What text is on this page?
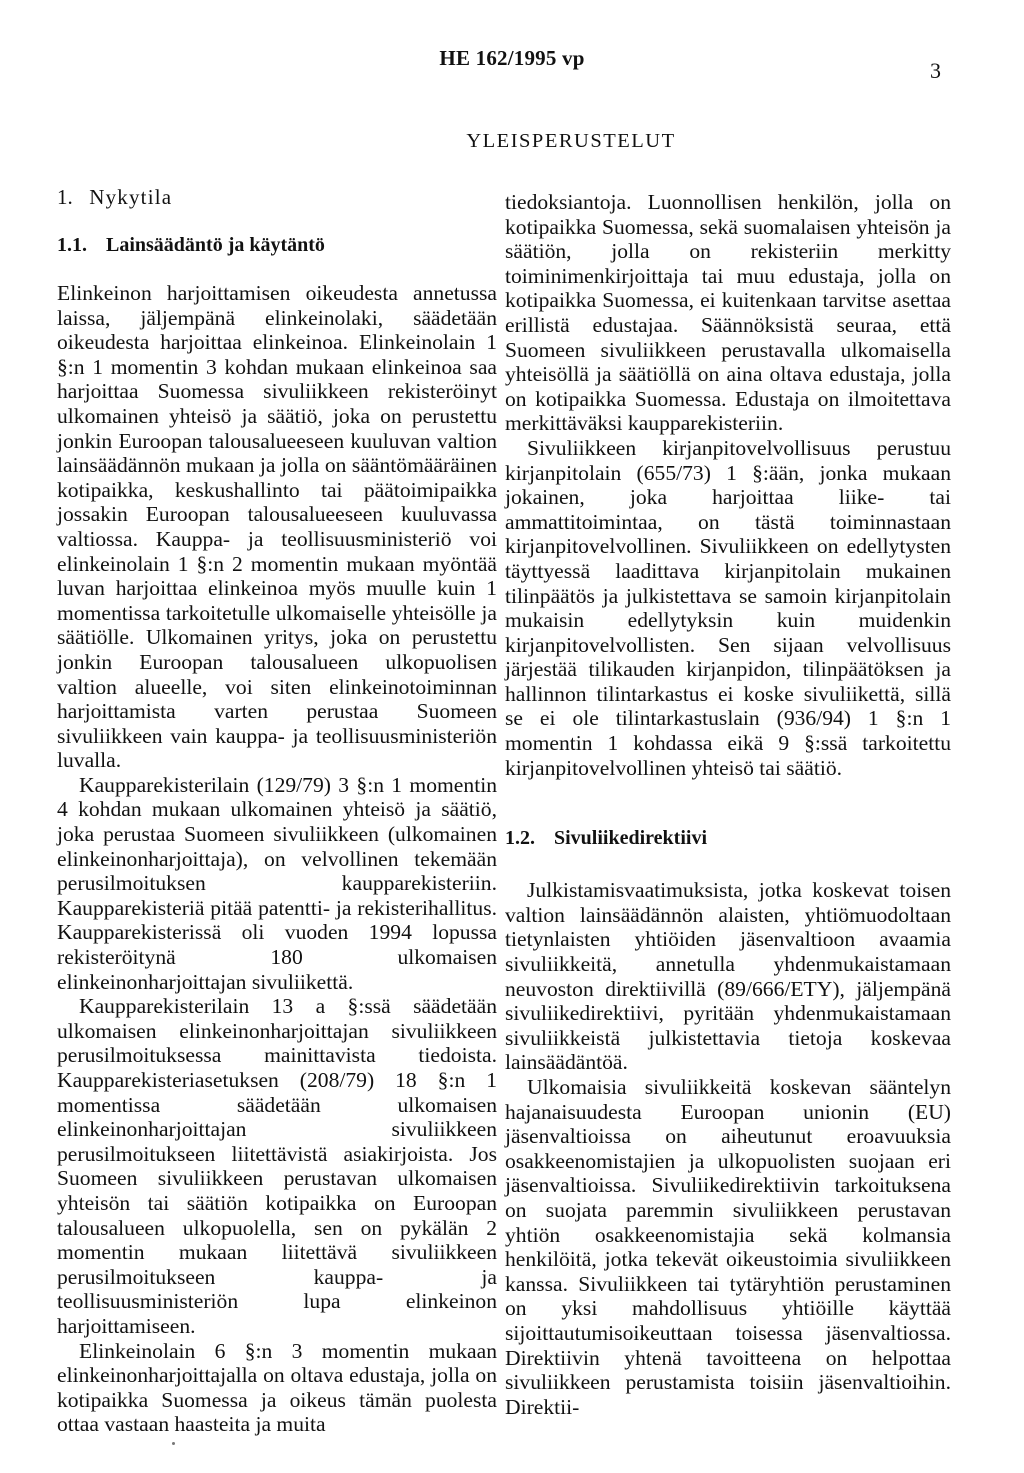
HE 162/1995 vp	3
YLEISPERUSTELUT
1. Nykytila
1.1. Lainsäädäntö ja käytäntö

Elinkeinon harjoittamisen oikeudesta annetussa laissa, jäljempänä elinkeinolaki, säädetään oikeudesta harjoittaa elinkeinoa. Elinkeinolain 1 §:n 1 momentin 3 kohdan mukaan elinkeinoa saa harjoittaa Suomessa sivuliikkeen rekisteröinyt ulkomainen yhteisö ja säätiö, joka on perustettu jonkin Euroopan talousalueeseen kuuluvan valtion lainsäädännön mukaan ja jolla on sääntömääräinen kotipaikka, keskushallinto tai päätoimipaikka jossakin Euroopan talousalueeseen kuuluvassa valtiossa. Kauppa- ja teollisuusministeriö voi elinkeinolain 1 §:n 2 momentin mukaan myöntää luvan harjoittaa elinkeinoa myös muulle kuin 1 momentissa tarkoitetulle ulkomaiselle yhteisölle ja säätiölle. Ulkomainen yritys, joka on perustettu jonkin Euroopan talousalueen ulkopuolisen valtion alueelle, voi siten elinkeinotoiminnan harjoittamista varten perustaa Suomeen sivuliikkeen vain kauppa- ja teollisuusministeriön luvalla.

Kaupparekisterilain (129/79) 3 §:n 1 momentin 4 kohdan mukaan ulkomainen yhteisö ja säätiö, joka perustaa Suomeen sivuliikkeen (ulkomainen elinkeinonharjoittaja), on velvollinen tekemään perusilmoituksen kaupparekisteriin. Kaupparekisteriä pitää patentti- ja rekisterihallitus. Kaupparekisterissä oli vuoden 1994 lopussa rekisteröitynä 180 ulkomaisen elinkeinonharjoittajan sivuliikettä.

Kaupparekisterilain 13 a §:ssä säädetään ulkomaisen elinkeinonharjoittajan sivuliikkeen perusilmoituksessa mainittavista tiedoista. Kaupparekisteriasetuksen (208/79) 18 §:n 1 momentissa säädetään ulkomaisen elinkeinonharjoittajan sivuliikkeen perusilmoitukseen liitettävistä asiakirjoista. Jos Suomeen sivuliikkeen perustavan ulkomaisen yhteisön tai säätiön kotipaikka on Euroopan talousalueen ulkopuolella, sen on pykälän 2 momentin mukaan liitettävä sivuliikkeen perusilmoitukseen kauppa- ja teollisuusministeriön lupa elinkeinon harjoittamiseen.

Elinkeinolain 6 §:n 3 momentin mukaan elinkeinonharjoittajalla on oltava edustaja, jolla on kotipaikka Suomessa ja oikeus tämän puolesta ottaa vastaan haasteita ja muita

tiedoksiantoja. Luonnollisen henkilön, jolla on kotipaikka Suomessa, sekä suomalaisen yhteisön ja säätiön, jolla on rekisteriin merkitty toiminimenkirjoittaja tai muu edustaja, jolla on kotipaikka Suomessa, ei kuitenkaan tarvitse asettaa erillistä edustajaa. Säännöksistä seuraa, että Suomeen sivuliikkeen perustavalla ulkomaisella yhteisöllä ja säätiöllä on aina oltava edustaja, jolla on kotipaikka Suomessa. Edustaja on ilmoitettava merkittäväksi kaupparekisteriin.

Sivuliikkeen kirjanpitovelvollisuus perustuu kirjanpitolain (655/73) 1 §:ään, jonka mukaan jokainen, joka harjoittaa liike- tai ammattitoimintaa, on tästä toiminnastaan kirjanpitovelvollinen. Sivuliikkeen on edellytysten täyttyessä laadittava kirjanpitolain mukainen tilinpäätös ja julkistettava se samoin kirjanpitolain mukaisin edellytyksin kuin muidenkin kirjanpitovelvollisten. Sen sijaan velvollisuus järjestää tilikauden kirjanpidon, tilinpäätöksen ja hallinnon tilintarkastus ei koske sivuliikettä, sillä se ei ole tilintarkastuslain (936/94) 1 §:n 1 momentin 1 kohdassa eikä 9 §:ssä tarkoitettu kirjanpitovelvollinen yhteisö tai säätiö.

1.2. Sivuliikedirektiivi

Julkistamisvaatimuksista, jotka koskevat toisen valtion lainsäädännön alaisten, yhtiömuodoltaan tietynlaisten yhtiöiden jäsenvaltioon avaamia sivuliikkeitä, annetulla yhdenmukaistamaan neuvoston direktiivillä (89/666/ETY), jäljempänä sivuliikedirektiivi, pyritään yhdenmukaistamaan sivuliikkeistä julkistettavia tietoja koskevaa lainsäädäntöä.

Ulkomaisia sivuliikkeitä koskevan sääntelyn hajanaisuudesta Euroopan unionin (EU) jäsenvaltioissa on aiheutunut eroavuuksia osakkeenomistajien ja ulkopuolisten suojaan eri jäsenvaltioissa. Sivuliikedirektiivin tarkoituksena on suojata paremmin sivuliikkeen perustavan yhtiön osakkeenomistajia sekä kolmansia henkilöitä, jotka tekevät oikeustoimia sivuliikkeen kanssa. Sivuliikkeen tai tytäryhtiön perustaminen on yksi mahdollisuus yhtiöille käyttää sijoittautumisoikeuttaan toisessa jäsenvaltiossa. Direktiivin yhtenä tavoitteena on helpottaa sivuliikkeen perustamista toisiin jäsenvaltioihin. Direktii-
